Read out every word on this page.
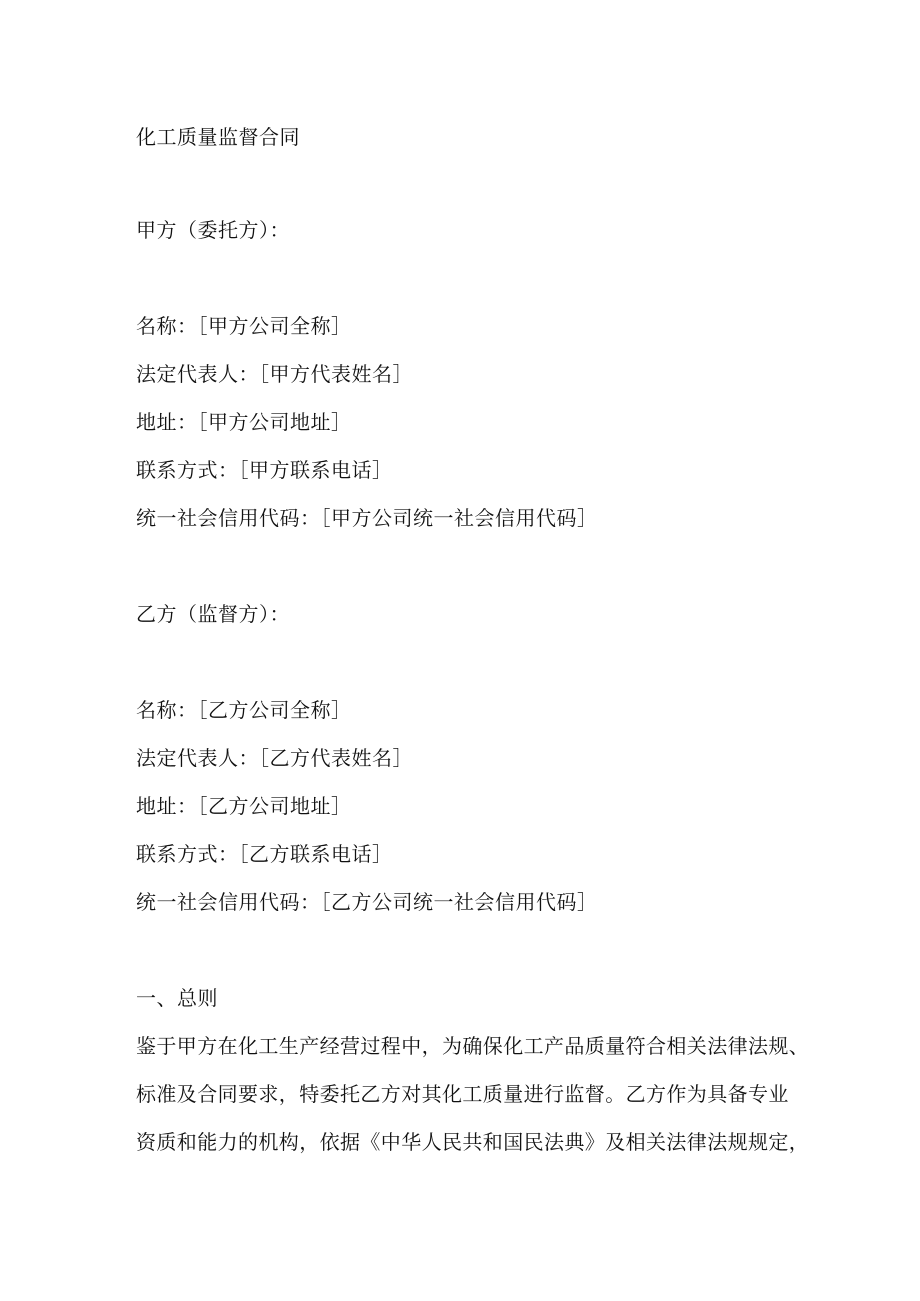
化工质量监督合同
甲方（委托方）：
名称：［甲方公司全称］
法定代表人：［甲方代表姓名］
地址：［甲方公司地址］
联系方式：［甲方联系电话］
统一社会信用代码：［甲方公司统一社会信用代码］
乙方（监督方）：
名称：［乙方公司全称］
法定代表人：［乙方代表姓名］
地址：［乙方公司地址］
联系方式：［乙方联系电话］
统一社会信用代码：［乙方公司统一社会信用代码］
一、总则
鉴于甲方在化工生产经营过程中，为确保化工产品质量符合相关法律法规、
标准及合同要求，特委托乙方对其化工质量进行监督。乙方作为具备专业
资质和能力的机构，依据《中华人民共和国民法典》及相关法律法规规定，
